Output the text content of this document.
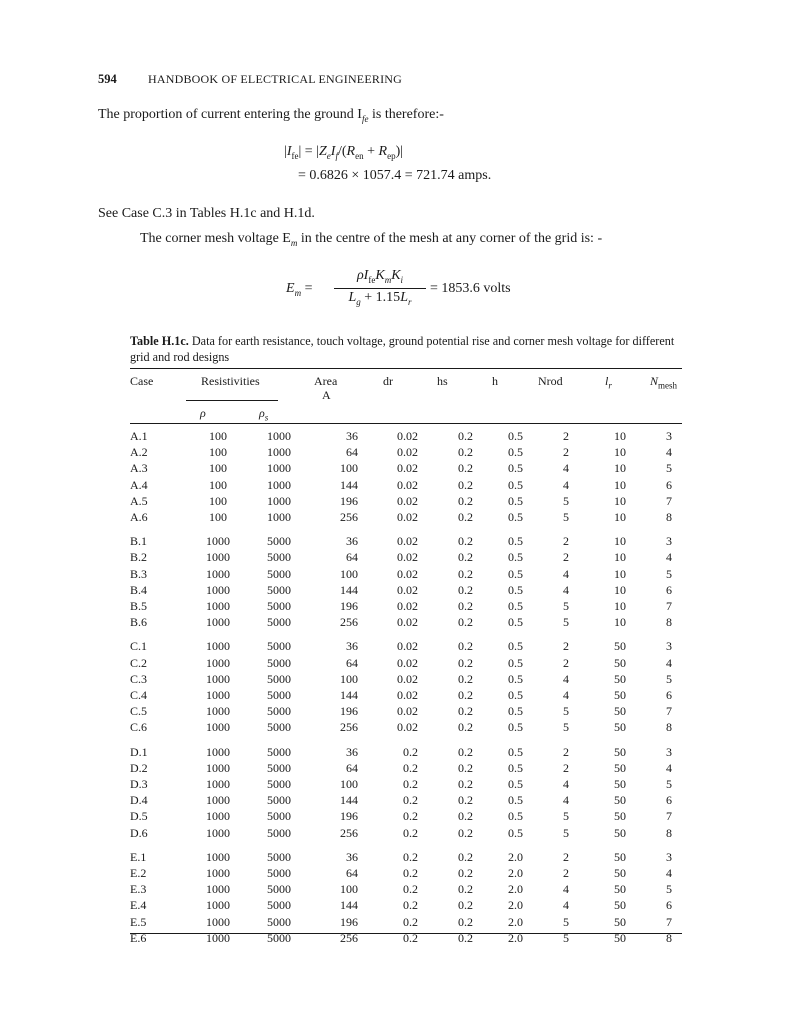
594	HANDBOOK OF ELECTRICAL ENGINEERING
The proportion of current entering the ground $I_{fe}$ is therefore:-
$|I_{fe}| = |Z_eI_f/(R_{en} + R_{ep})|$
= 0.6826 × 1057.4 = 721.74 amps.
See Case C.3 in Tables H.1c and H.1d.
The corner mesh voltage $E_m$ in the centre of the mesh at any corner of the grid is: -
$E_m$ =
$\rho I_{fe}K_mK_i$
$L_g + 1.15L_r$
= 1853.6 volts
Table H.1c. Data for earth resistance, touch voltage, ground potential rise and corner mesh voltage for different grid and rod designs
Case	Resistivities	Area
A
dr	hs	h	Nrod	$l_r$	$N_{mesh}$
ρ	$\rho_s$
A.1	100	1000	36	0.02	0.2	0.5	2	10	3
A.2	100	1000	64	0.02	0.2	0.5	2	10	4
A.3	100	1000	100	0.02	0.2	0.5	4	10	5
A.4	100	1000	144	0.02	0.2	0.5	4	10	6
A.5	100	1000	196	0.02	0.2	0.5	5	10	7
A.6	100	1000	256	0.02	0.2	0.5	5	10	8
B.1	1000	5000	36	0.02	0.2	0.5	2	10	3
B.2	1000	5000	64	0.02	0.2	0.5	2	10	4
B.3	1000	5000	100	0.02	0.2	0.5	4	10	5
B.4	1000	5000	144	0.02	0.2	0.5	4	10	6
B.5	1000	5000	196	0.02	0.2	0.5	5	10	7
B.6	1000	5000	256	0.02	0.2	0.5	5	10	8
C.1	1000	5000	36	0.02	0.2	0.5	2	50	3
C.2	1000	5000	64	0.02	0.2	0.5	2	50	4
C.3	1000	5000	100	0.02	0.2	0.5	4	50	5
C.4	1000	5000	144	0.02	0.2	0.5	4	50	6
C.5	1000	5000	196	0.02	0.2	0.5	5	50	7
C.6	1000	5000	256	0.02	0.2	0.5	5	50	8
D.1	1000	5000	36	0.2	0.2	0.5	2	50	3
D.2	1000	5000	64	0.2	0.2	0.5	2	50	4
D.3	1000	5000	100	0.2	0.2	0.5	4	50	5
D.4	1000	5000	144	0.2	0.2	0.5	4	50	6
D.5	1000	5000	196	0.2	0.2	0.5	5	50	7
D.6	1000	5000	256	0.2	0.2	0.5	5	50	8
E.1	1000	5000	36	0.2	0.2	2.0	2	50	3
E.2	1000	5000	64	0.2	0.2	2.0	2	50	4
E.3	1000	5000	100	0.2	0.2	2.0	4	50	5
E.4	1000	5000	144	0.2	0.2	2.0	4	50	6
E.5	1000	5000	196	0.2	0.2	2.0	5	50	7
E.6	1000	5000	256	0.2	0.2	2.0	5	50	8
